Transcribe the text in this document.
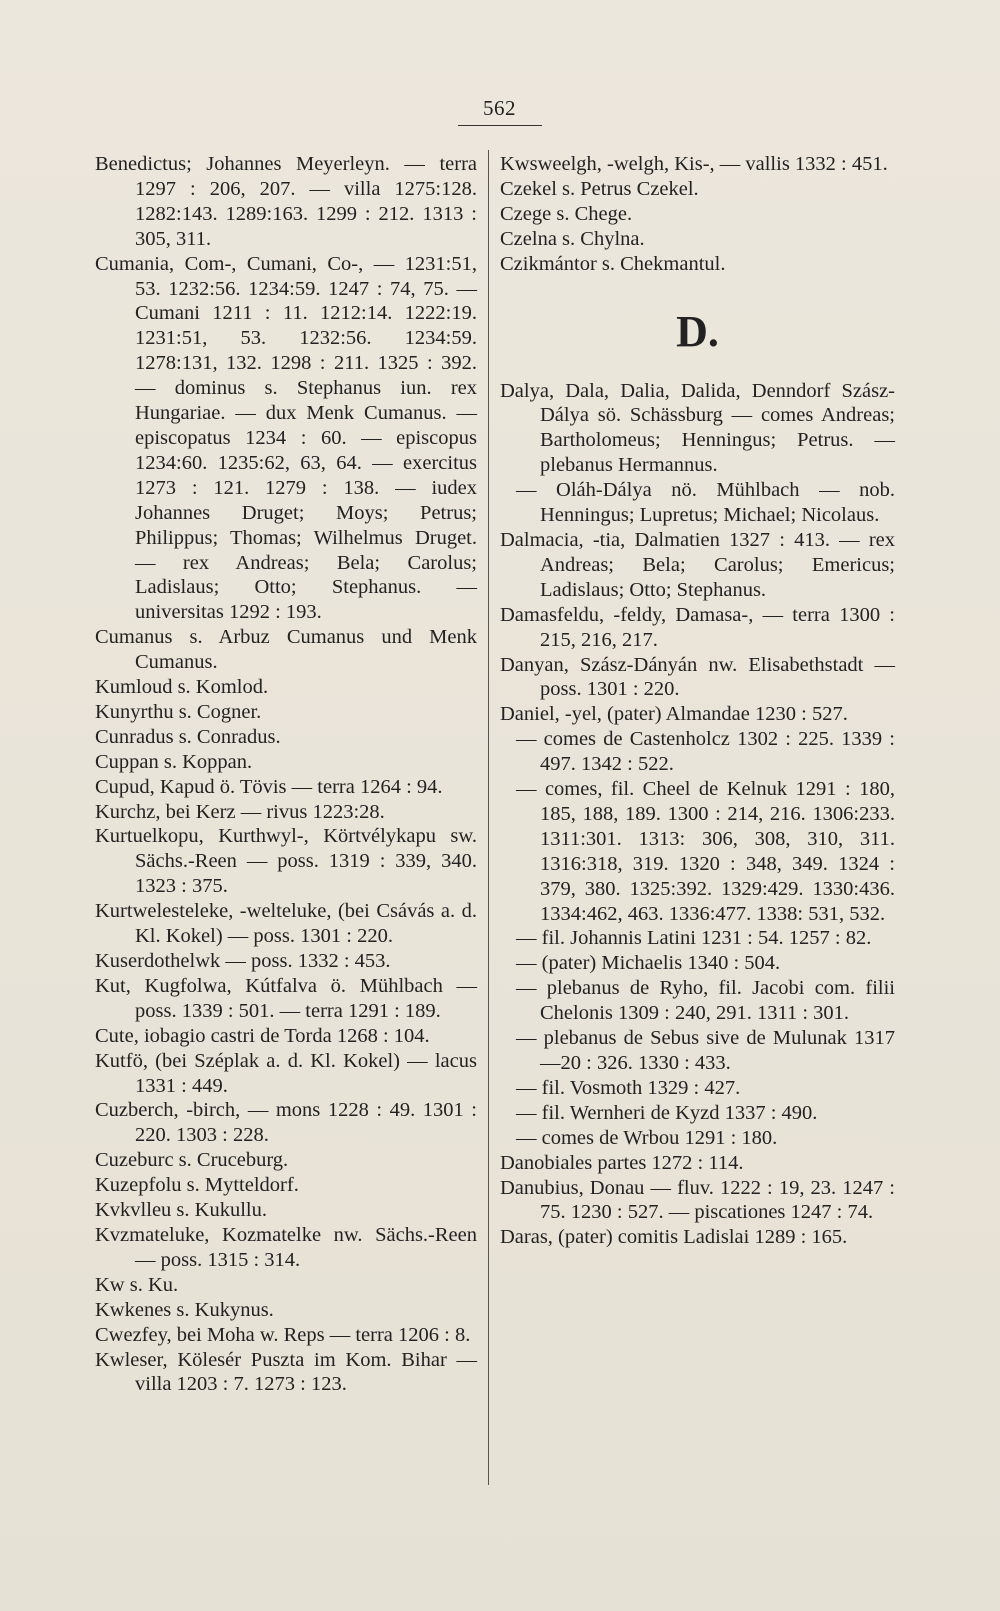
562

Benedictus; Johannes Meyerleyn. — terra 1297 : 206, 207. — villa 1275:128. 1282:143. 1289:163. 1299 : 212. 1313 : 305, 311.

Cumania, Com-, Cumani, Co-, — 1231:51, 53. 1232:56. 1234:59. 1247 : 74, 75. — Cumani 1211 : 11. 1212:14. 1222:19. 1231:51, 53. 1232:56. 1234:59. 1278:131, 132. 1298 : 211. 1325 : 392. — dominus s. Stephanus iun. rex Hungariae. — dux Menk Cumanus. — episcopatus 1234 : 60. — episcopus 1234:60. 1235:62, 63, 64. — exercitus 1273 : 121. 1279 : 138. — iudex Johannes Druget; Moys; Petrus; Philippus; Thomas; Wilhelmus Druget. — rex Andreas; Bela; Carolus; Ladislaus; Otto; Stephanus. — universitas 1292 : 193.

Cumanus s. Arbuz Cumanus und Menk Cumanus.

Kumloud s. Komlod.

Kunyrthu s. Cogner.

Cunradus s. Conradus.

Cuppan s. Koppan.

Cupud, Kapud ö. Tövis — terra 1264 : 94.

Kurchz, bei Kerz — rivus 1223:28.

Kurtuelkopu, Kurthwyl-, Körtvélykapu sw. Sächs.-Reen — poss. 1319 : 339, 340. 1323 : 375.

Kurtwelesteleke, -welteluke, (bei Csávás a. d. Kl. Kokel) — poss. 1301 : 220.

Kuserdothelwk — poss. 1332 : 453.

Kut, Kugfolwa, Kútfalva ö. Mühlbach — poss. 1339 : 501. — terra 1291 : 189.

Cute, iobagio castri de Torda 1268 : 104.

Kutfö, (bei Széplak a. d. Kl. Kokel) — lacus 1331 : 449.

Cuzberch, -birch, — mons 1228 : 49. 1301 : 220. 1303 : 228.

Cuzeburc s. Cruceburg.

Kuzepfolu s. Mytteldorf.

Kvkvlleu s. Kukullu.

Kvzmateluke, Kozmatelke nw. Sächs.-Reen — poss. 1315 : 314.

Kw s. Ku.

Kwkenes s. Kukynus.

Cwezfey, bei Moha w. Reps — terra 1206 : 8.

Kwleser, Kölesér Puszta im Kom. Bihar — villa 1203 : 7. 1273 : 123.

Kwsweelgh, -welgh, Kis-, — vallis 1332 : 451.

Czekel s. Petrus Czekel.

Czege s. Chege.

Czelna s. Chylna.

Czikmántor s. Chekmantul.

D.

Dalya, Dala, Dalia, Dalida, Denndorf Szász-Dálya sö. Schässburg — comes Andreas; Bartholomeus; Henningus; Petrus. — plebanus Hermannus.

— Oláh-Dálya nö. Mühlbach — nob. Henningus; Lupretus; Michael; Nicolaus.

Dalmacia, -tia, Dalmatien 1327 : 413. — rex Andreas; Bela; Carolus; Emericus; Ladislaus; Otto; Stephanus.

Damasfeldu, -feldy, Damasa-, — terra 1300 : 215, 216, 217.

Danyan, Szász-Dányán nw. Elisabethstadt — poss. 1301 : 220.

Daniel, -yel, (pater) Almandae 1230 : 527.

— comes de Castenholcz 1302 : 225. 1339 : 497. 1342 : 522.

— comes, fil. Cheel de Kelnuk 1291 : 180, 185, 188, 189. 1300 : 214, 216. 1306:233. 1311:301. 1313: 306, 308, 310, 311. 1316:318, 319. 1320 : 348, 349. 1324 : 379, 380. 1325:392. 1329:429. 1330:436. 1334:462, 463. 1336:477. 1338: 531, 532.

— fil. Johannis Latini 1231 : 54. 1257 : 82.

— (pater) Michaelis 1340 : 504.

— plebanus de Ryho, fil. Jacobi com. filii Chelonis 1309 : 240, 291. 1311 : 301.

— plebanus de Sebus sive de Mulunak 1317—20 : 326. 1330 : 433.

— fil. Vosmoth 1329 : 427.

— fil. Wernheri de Kyzd 1337 : 490.

— comes de Wrbou 1291 : 180.

Danobiales partes 1272 : 114.

Danubius, Donau — fluv. 1222 : 19, 23. 1247 : 75. 1230 : 527. — piscationes 1247 : 74.

Daras, (pater) comitis Ladislai 1289 : 165.
